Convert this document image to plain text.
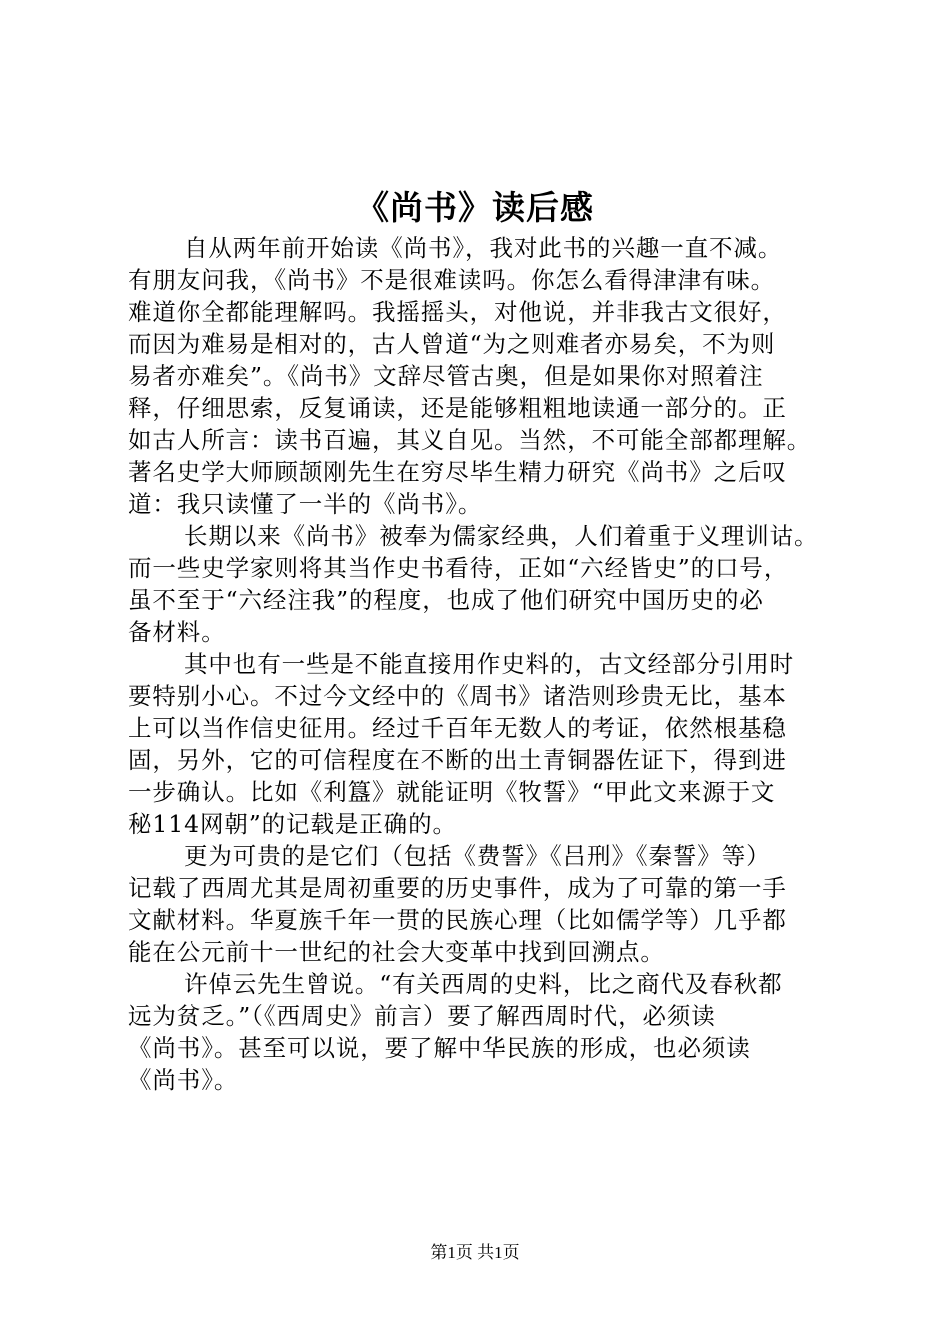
《尚书》读后感
自从两年前开始读《尚书》，我对此书的兴趣一直不减。
有朋友问我，《尚书》不是很难读吗。你怎么看得津津有味。
难道你全都能理解吗。我摇摇头，对他说，并非我古文很好，
而因为难易是相对的，古人曾道“为之则难者亦易矣，不为则
易者亦难矣”。《尚书》文辞尽管古奥，但是如果你对照着注
释，仔细思索，反复诵读，还是能够粗粗地读通一部分的。正
如古人所言：读书百遍，其义自见。当然，不可能全部都理解。
著名史学大师顾颉刚先生在穷尽毕生精力研究《尚书》之后叹
道：我只读懂了一半的《尚书》。
长期以来《尚书》被奉为儒家经典，人们着重于义理训诂。
而一些史学家则将其当作史书看待，正如“六经皆史”的口号，
虽不至于“六经注我”的程度，也成了他们研究中国历史的必
备材料。
其中也有一些是不能直接用作史料的，古文经部分引用时
要特别小心。不过今文经中的《周书》诸浩则珍贵无比，基本
上可以当作信史征用。经过千百年无数人的考证，依然根基稳
固，另外，它的可信程度在不断的出土青铜器佐证下，得到进
一步确认。比如《利簋》就能证明《牧誓》“甲此文来源于文
秘114网朝”的记载是正确的。
更为可贵的是它们（包括《费誓》《吕刑》《秦誓》等）
记载了西周尤其是周初重要的历史事件，成为了可靠的第一手
文献材料。华夏族千年一贯的民族心理（比如儒学等）几乎都
能在公元前十一世纪的社会大变革中找到回溯点。
许倬云先生曾说。“有关西周的史料，比之商代及春秋都
远为贫乏。”（《西周史》前言）要了解西周时代，必须读
《尚书》。甚至可以说，要了解中华民族的形成，也必须读
《尚书》。
第1页 共1页
